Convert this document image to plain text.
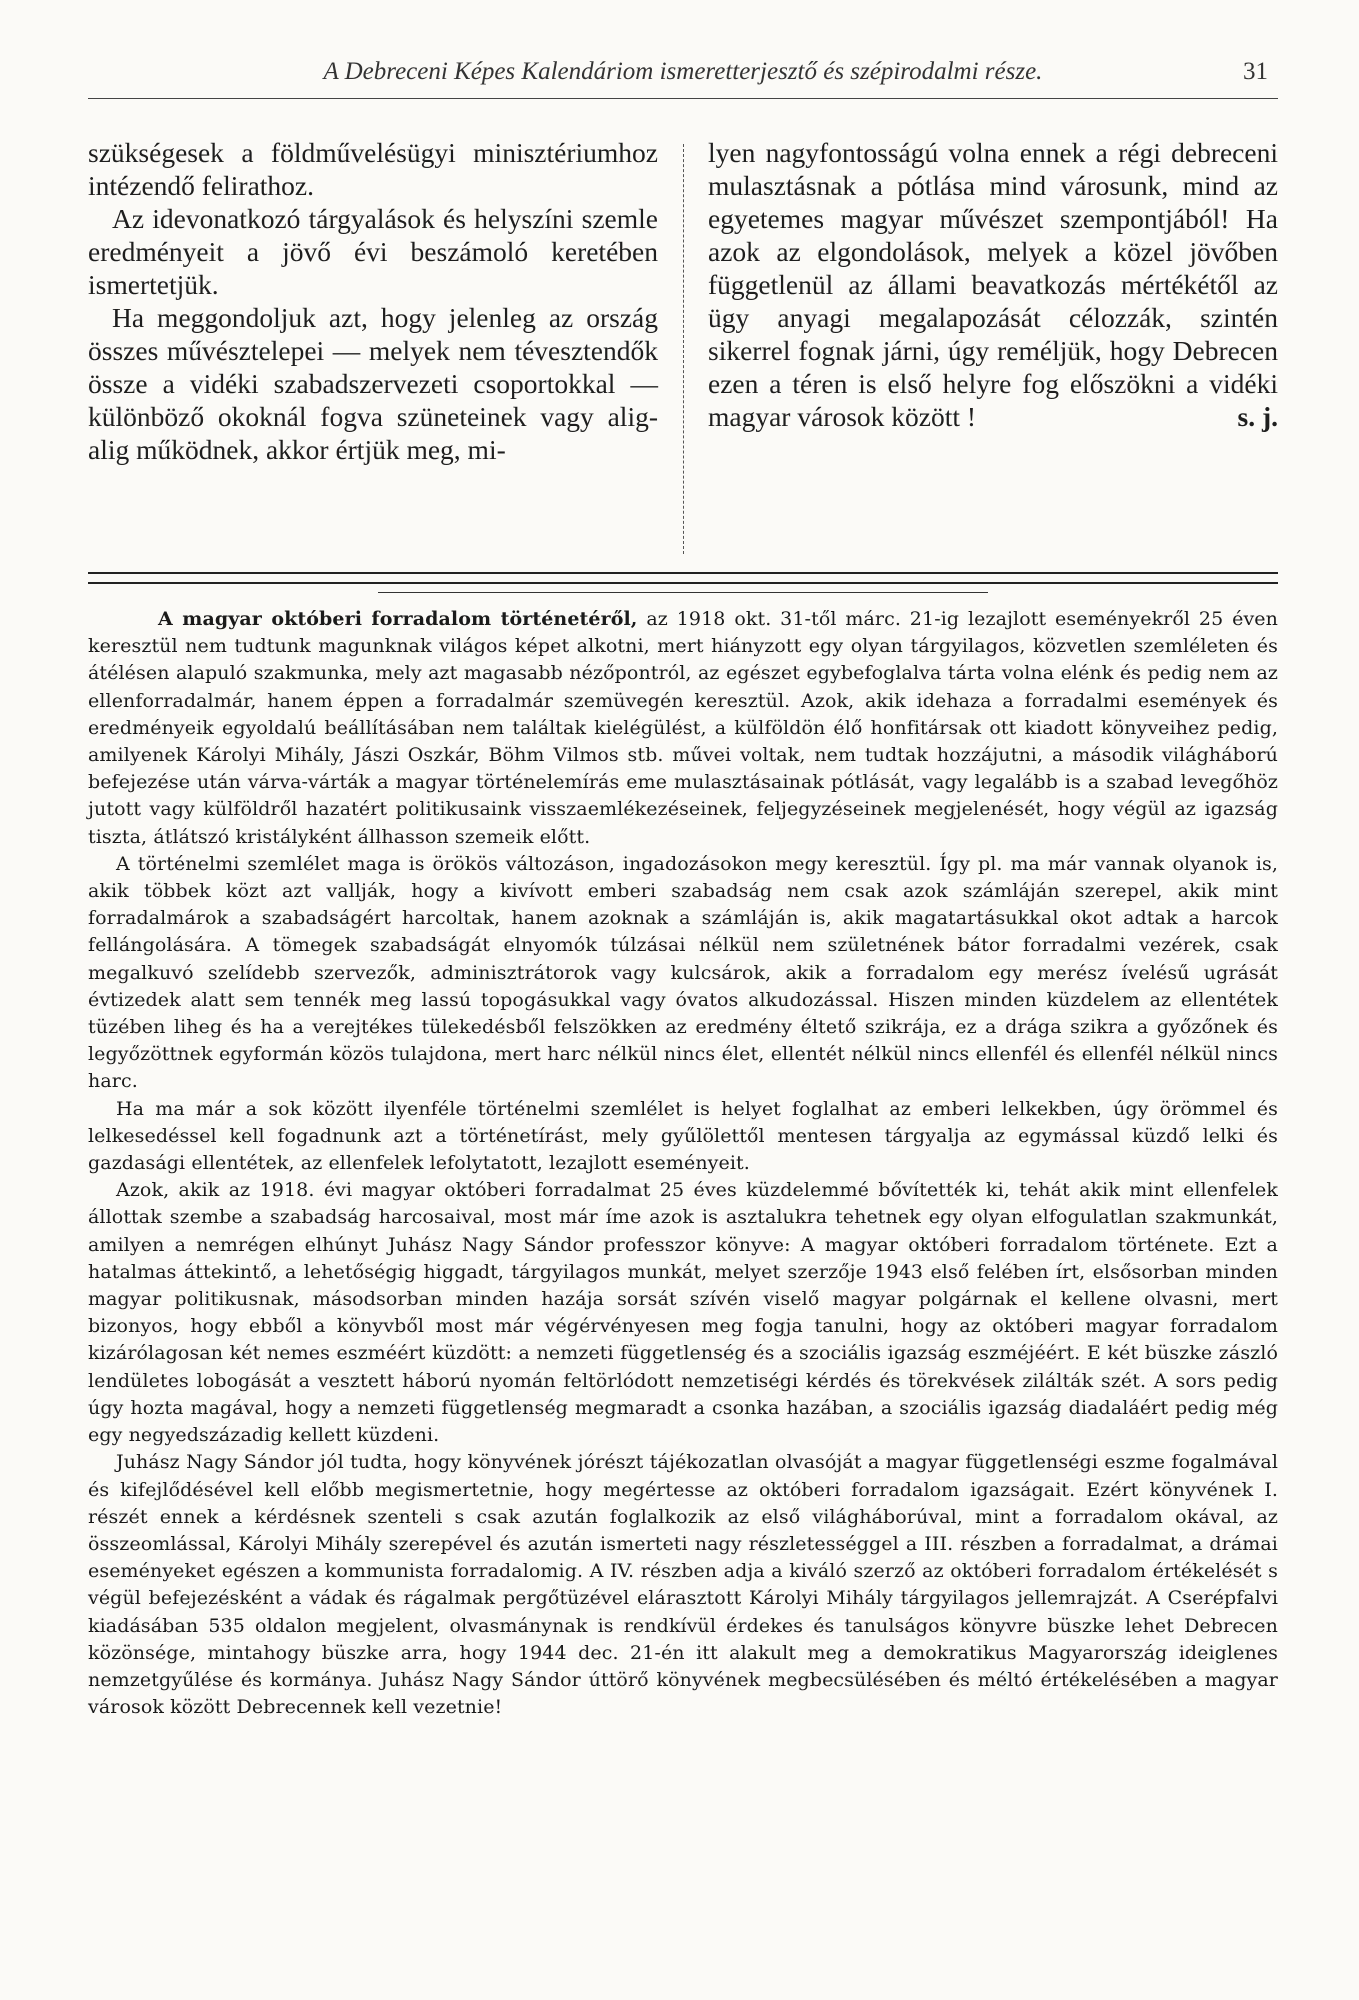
A Debreceni Képes Kalendáriom ismeretterjesztő és szépirodalmi része.	31

szükségesek a földművelésügyi minisztériumhoz intézendő felirathoz.

Az idevonatkozó tárgyalások és helyszíni szemle eredményeit a jövő évi beszámoló keretében ismertetjük.

Ha meggondoljuk azt, hogy jelenleg az ország összes művésztelepei — melyek nem tévesztendők össze a vidéki szabadszervezeti csoportokkal — különböző okoknál fogva szüneteinek vagy alig-alig működnek, akkor értjük meg, mi-

lyen nagyfontosságú volna ennek a régi debreceni mulasztásnak a pótlása mind városunk, mind az egyetemes magyar művészet szempontjából! Ha azok az elgondolások, melyek a közel jövőben függetlenül az állami beavatkozás mértékétől az ügy anyagi megalapozását célozzák, szintén sikerrel fognak járni, úgy reméljük, hogy Debrecen ezen a téren is első helyre fog előszökni a vidéki magyar városok között !	s. j.

A magyar októberi forradalom történetéről, az 1918 okt. 31-től márc. 21-ig lezajlott eseményekről 25 éven keresztül nem tudtunk magunknak világos képet alkotni, mert hiányzott egy olyan tárgyilagos, közvetlen szemléleten és átélésen alapuló szakmunka, mely azt magasabb nézőpontról, az egészet egybefoglalva tárta volna elénk és pedig nem az ellenforradalmár, hanem éppen a forradalmár szemüvegén keresztül. Azok, akik idehaza a forradalmi események és eredményeik egyoldalú beállításában nem találtak kielégülést, a külföldön élő honfitársak ott kiadott könyveihez pedig, amilyenek Károlyi Mihály, Jászi Oszkár, Böhm Vilmos stb. művei voltak, nem tudtak hozzájutni, a második világháború befejezése után várva-várták a magyar történelemírás eme mulasztásainak pótlását, vagy legalább is a szabad levegőhöz jutott vagy külföldről hazatért politikusaink visszaemlékezéseinek, feljegyzéseinek megjelenését, hogy végül az igazság tiszta, átlátszó kristályként állhasson szemeik előtt.

A történelmi szemlélet maga is örökös változáson, ingadozásokon megy keresztül. Így pl. ma már vannak olyanok is, akik többek közt azt vallják, hogy a kivívott emberi szabadság nem csak azok számláján szerepel, akik mint forradalmárok a szabadságért harcoltak, hanem azoknak a számláján is, akik magatartásukkal okot adtak a harcok fellángolására. A tömegek szabadságát elnyomók túlzásai nélkül nem születnének bátor forradalmi vezérek, csak megalkuvó szelídebb szervezők, adminisztrátorok vagy kulcsárok, akik a forradalom egy merész ívelésű ugrását évtizedek alatt sem tennék meg lassú topogásukkal vagy óvatos alkudozással. Hiszen minden küzdelem az ellentétek tüzében liheg és ha a verejtékes tülekedésből felszökken az eredmény éltető szikrája, ez a drága szikra a győzőnek és legyőzöttnek egyformán közös tulajdona, mert harc nélkül nincs élet, ellentét nélkül nincs ellenfél és ellenfél nélkül nincs harc.

Ha ma már a sok között ilyenféle történelmi szemlélet is helyet foglalhat az emberi lelkekben, úgy örömmel és lelkesedéssel kell fogadnunk azt a történetírást, mely gyűlölettől mentesen tárgyalja az egymással küzdő lelki és gazdasági ellentétek, az ellenfelek lefolytatott, lezajlott eseményeit.

Azok, akik az 1918. évi magyar októberi forradalmat 25 éves küzdelemmé bővítették ki, tehát akik mint ellenfelek állottak szembe a szabadság harcosaival, most már íme azok is asztalukra tehetnek egy olyan elfogulatlan szakmunkát, amilyen a nemrégen elhúnyt Juhász Nagy Sándor professzor könyve: A magyar októberi forradalom története. Ezt a hatalmas áttekintő, a lehetőségig higgadt, tárgyilagos munkát, melyet szerzője 1943 első felében írt, elsősorban minden magyar politikusnak, másodsorban minden hazája sorsát szívén viselő magyar polgárnak el kellene olvasni, mert bizonyos, hogy ebből a könyvből most már végérvényesen meg fogja tanulni, hogy az októberi magyar forradalom kizárólagosan két nemes eszméért küzdött: a nemzeti függetlenség és a szociális igazság eszméjéért. E két büszke zászló lendületes lobogását a vesztett háború nyomán feltörlódott nemzetiségi kérdés és törekvések zilálták szét. A sors pedig úgy hozta magával, hogy a nemzeti függetlenség megmaradt a csonka hazában, a szociális igazság diadaláért pedig még egy negyedszázadig kellett küzdeni.

Juhász Nagy Sándor jól tudta, hogy könyvének jórészt tájékozatlan olvasóját a magyar függetlenségi eszme fogalmával és kifejlődésével kell előbb megismertetnie, hogy megértesse az októberi forradalom igazságait. Ezért könyvének I. részét ennek a kérdésnek szenteli s csak azután foglalkozik az első világháborúval, mint a forradalom okával, az összeomlással, Károlyi Mihály szerepével és azután ismerteti nagy részletességgel a III. részben a forradalmat, a drámai eseményeket egészen a kommunista forradalomig. A IV. részben adja a kiváló szerző az októberi forradalom értékelését s végül befejezésként a vádak és rágalmak pergőtüzével elárasztott Károlyi Mihály tárgyilagos jellemrajzát. A Cserépfalvi kiadásában 535 oldalon megjelent, olvasmánynak is rendkívül érdekes és tanulságos könyvre büszke lehet Debrecen közönsége, mintahogy büszke arra, hogy 1944 dec. 21-én itt alakult meg a demokratikus Magyarország ideiglenes nemzetgyűlése és kormánya. Juhász Nagy Sándor úttörő könyvének megbecsülésében és méltó értékelésében a magyar városok között Debrecennek kell vezetnie!
